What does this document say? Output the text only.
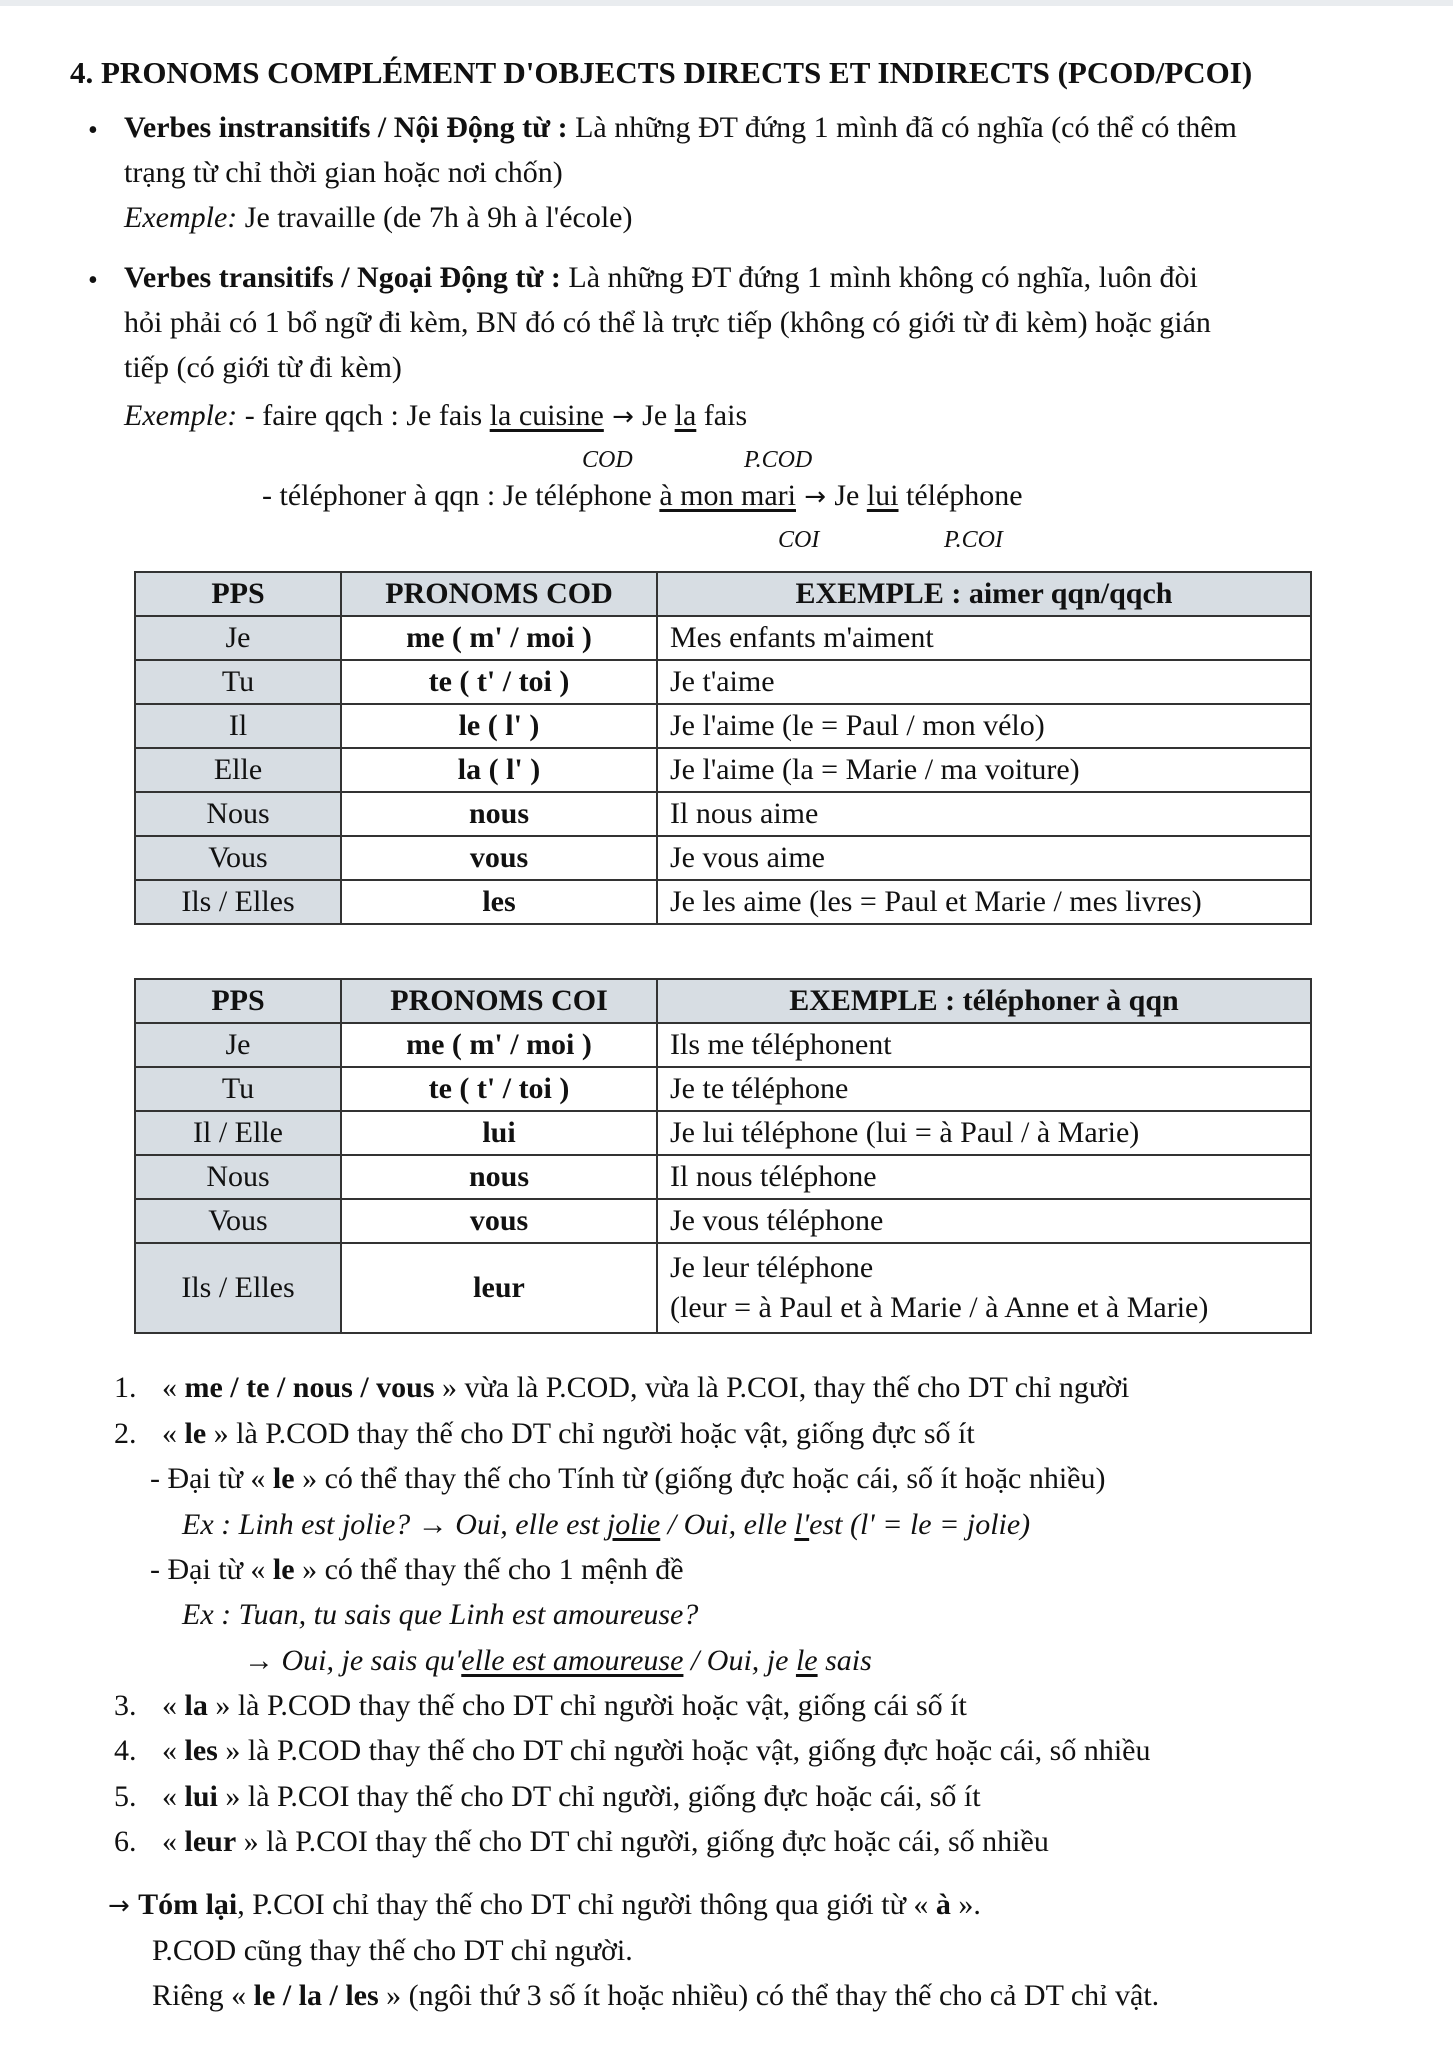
4. PRONOMS COMPLÉMENT D'OBJECTS DIRECTS ET INDIRECTS (PCOD/PCOI)
• Verbes instransitifs / Nội Động từ : Là những ĐT đứng 1 mình đã có nghĩa (có thể có thêm
trạng từ chỉ thời gian hoặc nơi chốn)
Exemple: Je travaille (de 7h à 9h à l'école)
• Verbes transitifs / Ngoại Động từ : Là những ĐT đứng 1 mình không có nghĩa, luôn đòi
hỏi phải có 1 bổ ngữ đi kèm, BN đó có thể là trực tiếp (không có giới từ đi kèm) hoặc gián
tiếp (có giới từ đi kèm)
Exemple: - faire qqch : Je fais la cuisine → Je la fais
COD	P.COD
- téléphoner à qqn : Je téléphone à mon mari → Je lui téléphone
COI	P.COI
PPS	PRONOMS COD	EXEMPLE : aimer qqn/qqch
Je	me ( m' / moi )	Mes enfants m'aiment
Tu	te ( t' / toi )	Je t'aime
Il	le ( l' )	Je l'aime (le = Paul / mon vélo)
Elle	la ( l' )	Je l'aime (la = Marie / ma voiture)
Nous	nous	Il nous aime
Vous	vous	Je vous aime
Ils / Elles	les	Je les aime (les = Paul et Marie / mes livres)
PPS	PRONOMS COI	EXEMPLE : téléphoner à qqn
Je	me ( m' / moi )	Ils me téléphonent
Tu	te ( t' / toi )	Je te téléphone
Il / Elle	lui	Je lui téléphone (lui = à Paul / à Marie)
Nous	nous	Il nous téléphone
Vous	vous	Je vous téléphone
Ils / Elles	leur	Je leur téléphone
(leur = à Paul et à Marie / à Anne et à Marie)
1. « me / te / nous / vous » vừa là P.COD, vừa là P.COI, thay thế cho DT chỉ người
2. « le » là P.COD thay thế cho DT chỉ người hoặc vật, giống đực số ít
- Đại từ « le » có thể thay thế cho Tính từ (giống đực hoặc cái, số ít hoặc nhiều)
Ex : Linh est jolie? → Oui, elle est jolie / Oui, elle l'est (l' = le = jolie)
- Đại từ « le » có thể thay thế cho 1 mệnh đề
Ex : Tuan, tu sais que Linh est amoureuse?
→ Oui, je sais qu'elle est amoureuse / Oui, je le sais
3. « la » là P.COD thay thế cho DT chỉ người hoặc vật, giống cái số ít
4. « les » là P.COD thay thế cho DT chỉ người hoặc vật, giống đực hoặc cái, số nhiều
5. « lui » là P.COI thay thế cho DT chỉ người, giống đực hoặc cái, số ít
6. « leur » là P.COI thay thế cho DT chỉ người, giống đực hoặc cái, số nhiều
→ Tóm lại, P.COI chỉ thay thế cho DT chỉ người thông qua giới từ « à ».
P.COD cũng thay thế cho DT chỉ người.
Riêng « le / la / les » (ngôi thứ 3 số ít hoặc nhiều) có thể thay thế cho cả DT chỉ vật.
